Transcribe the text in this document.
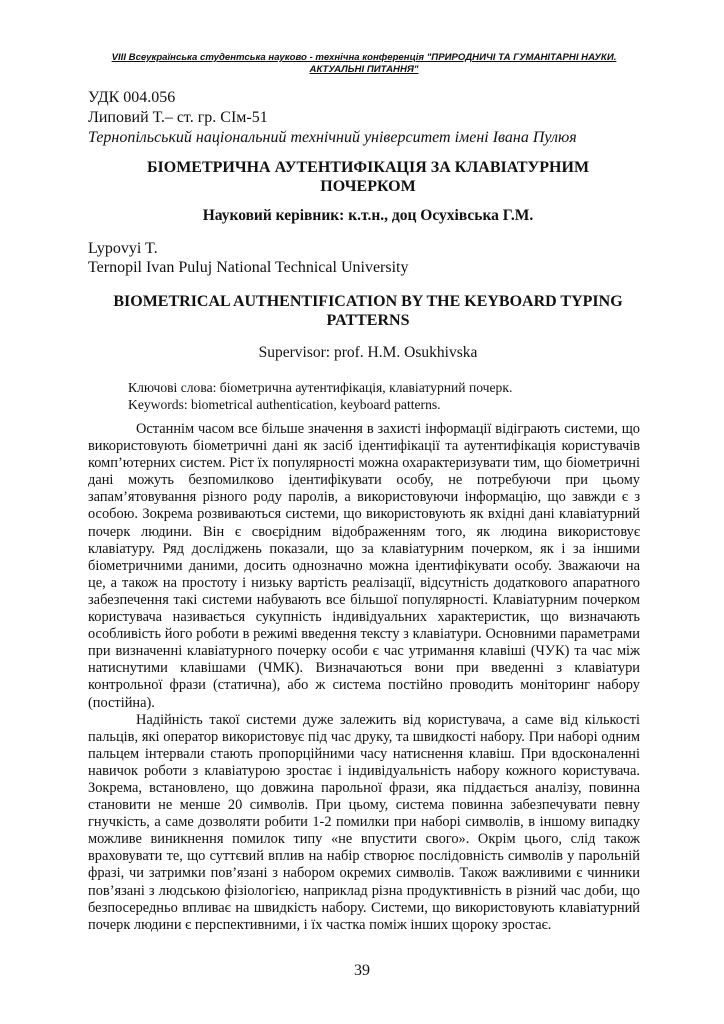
VIII Всеукраїнська студентська науково - технічна конференція "ПРИРОДНИЧІ ТА ГУМАНІТАРНІ НАУКИ. АКТУАЛЬНІ ПИТАННЯ"
УДК 004.056
Липовий Т.– ст. гр. СІм-51
Тернопільський національний технічний університет імені Івана Пулюя
БІОМЕТРИЧНА АУТЕНТИФІКАЦІЯ ЗА КЛАВІАТУРНИМ ПОЧЕРКОМ
Науковий керівник: к.т.н., доц Осухівська Г.М.
Lypovyi T.
Ternopil Ivan Puluj National Technical University
BIOMETRICAL AUTHENTIFICATION BY THE KEYBOARD TYPING PATTERNS
Supervisor: prof. H.M. Osukhivska
Ключові слова: біометрична аутентифікація, клавіатурний почерк.
Keywords: biometrical authentication, keyboard patterns.

Останнім часом все більше значення в захисті інформації відіграють системи, що використовують біометричні дані як засіб ідентифікації та аутентифікація користувачів комп’ютерних систем. Ріст їх популярності можна охарактеризувати тим, що біометричні дані можуть безпомилково ідентифікувати особу, не потребуючи при цьому запам’ятовування різного роду паролів, а використовуючи інформацію, що завжди є з особою. Зокрема розвиваються системи, що використовують як вхідні дані клавіатурний почерк людини. Він є своєрідним відображенням того, як людина використовує клавіатуру. Ряд досліджень показали, що за клавіатурним почерком, як і за іншими біометричними даними, досить однозначно можна ідентифікувати особу. Зважаючи на це, а також на простоту і низьку вартість реалізації, відсутність додаткового апаратного забезпечення такі системи набувають все більшої популярності. Клавіатурним почерком користувача називається сукупність індивідуальних характеристик, що визначають особливість його роботи в режимі введення тексту з клавіатури. Основними параметрами при визначенні клавіатурного почерку особи є час утримання клавіші (ЧУК) та час між натиснутими клавішами (ЧМК). Визначаються вони при введенні з клавіатури контрольної фрази (статична), або ж система постійно проводить моніторинг набору (постійна).

Надійність такої системи дуже залежить від користувача, а саме від кількості пальців, які оператор використовує під час друку, та швидкості набору. При наборі одним пальцем інтервали стають пропорційними часу натиснення клавіш. При вдосконаленні навичок роботи з клавіатурою зростає і індивідуальність набору кожного користувача. Зокрема, встановлено, що довжина парольної фрази, яка піддається аналізу, повинна становити не менше 20 символів. При цьому, система повинна забезпечувати певну гнучкість, а саме дозволяти робити 1-2 помилки при наборі символів, в іншому випадку можливе виникнення помилок типу «не впустити свого». Окрім цього, слід також враховувати те, що суттєвий вплив на набір створює послідовність символів у парольній фразі, чи затримки пов’язані з набором окремих символів. Також важливими є чинники пов’язані з людською фізіологією, наприклад різна продуктивність в різний час доби, що безпосередньо впливає на швидкість набору. Системи, що використовують клавіатурний почерк людини є перспективними, і їх частка поміж інших щороку зростає.

39
